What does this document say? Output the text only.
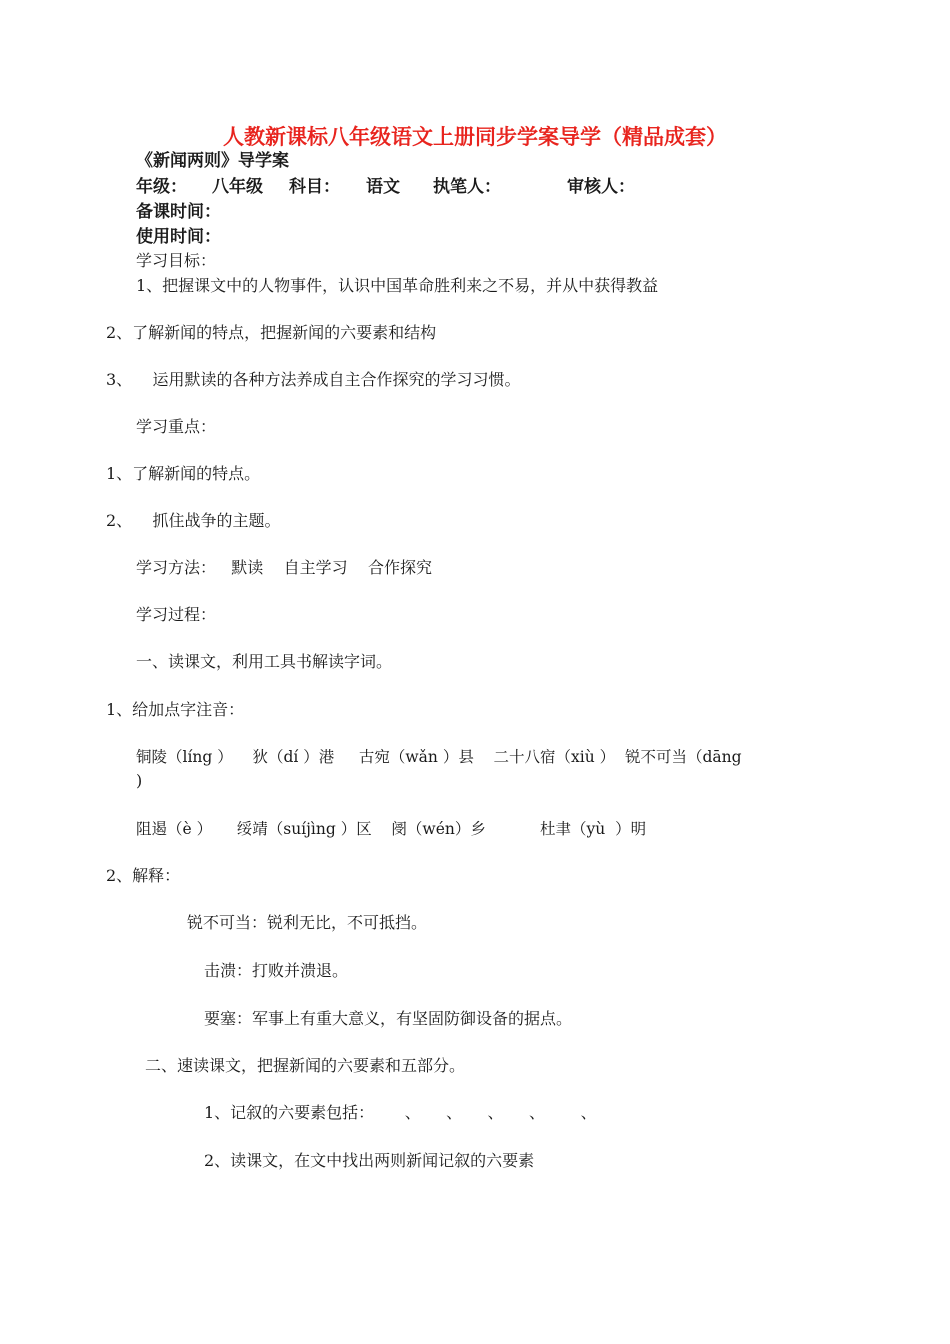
人教新课标八年级语文上册同步学案导学（精品成套）
《新闻两则》导学案
年级： 八年级 科目： 语文 执笔人：	审核人：
备课时间：
使用时间：
学习目标：
1、把握课文中的人物事件，认识中国革命胜利来之不易，并从中获得教益
2、了解新闻的特点，把握新闻的六要素和结构
3、    运用默读的各种方法养成自主合作探究的学习习惯。
学习重点：
1、了解新闻的特点。
2、    抓住战争的主题。
学习方法：   默读    自主学习    合作探究
学习过程：
一、读课文，利用工具书解读字词。
1、给加点字注音：
铜陵（líng ）    狄（dí ）港     古宛（wǎn ）县    二十八宿（xiù ）  锐不可当（dāng
)
阻遏（è ）     绥靖（suíjìng ）区    阌（wén）乡           杜聿（yù  ）明
2、解释：
锐不可当：锐利无比，不可抵挡。
击溃：打败并溃退。
要塞：军事上有重大意义，有坚固防御设备的据点。
二、速读课文，把握新闻的六要素和五部分。
1、记叙的六要素包括：      、     、     、     、       、
2、读课文，在文中找出两则新闻记叙的六要素
